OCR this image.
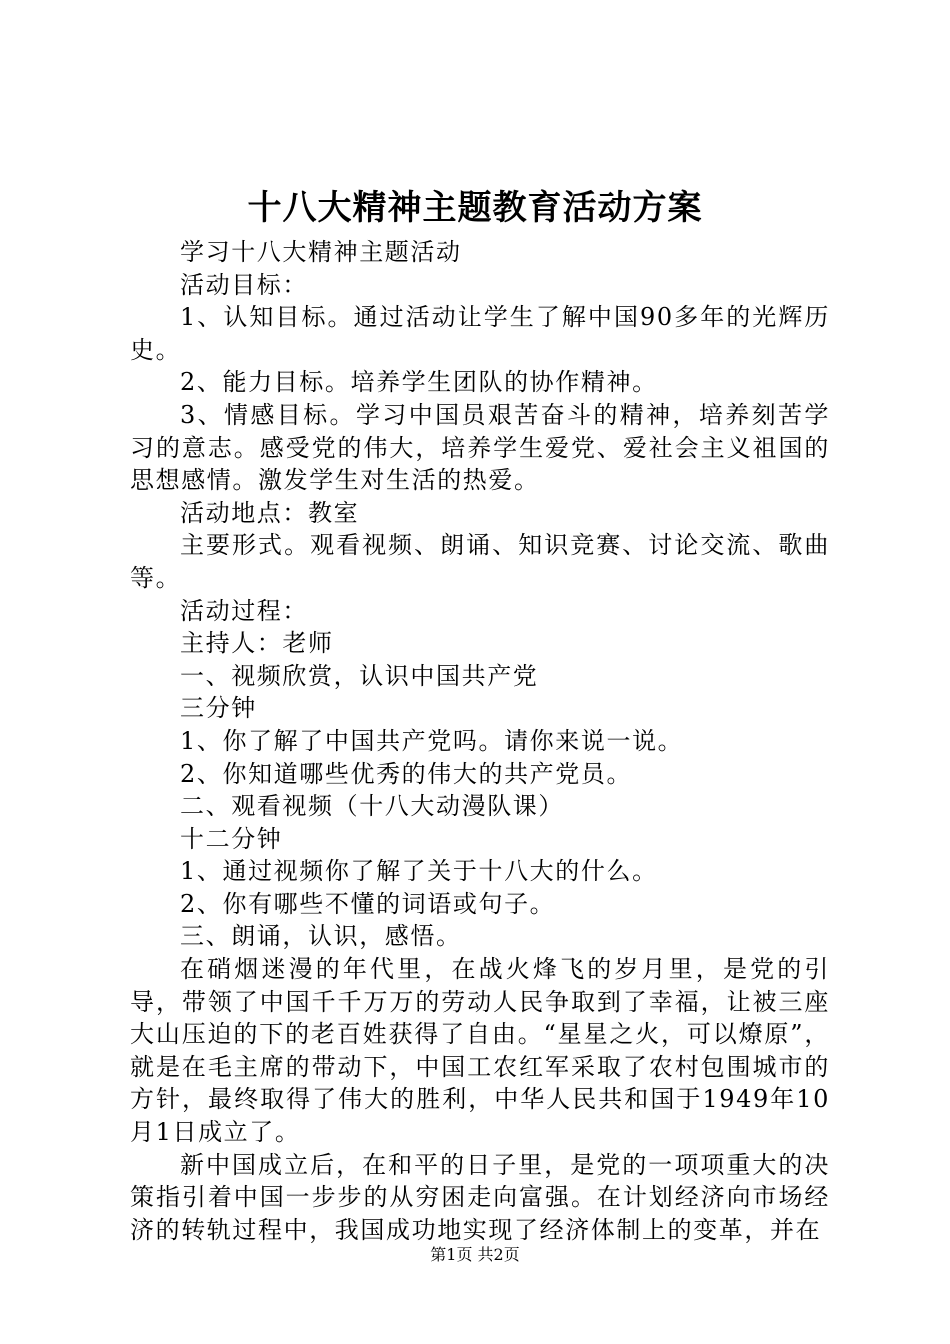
十八大精神主题教育活动方案

学习十八大精神主题活动

活动目标：

1、认知目标。通过活动让学生了解中国90多年的光辉历史。

2、能力目标。培养学生团队的协作精神。

3、情感目标。学习中国员艰苦奋斗的精神，培养刻苦学习的意志。感受党的伟大，培养学生爱党、爱社会主义祖国的思想感情。激发学生对生活的热爱。

活动地点：教室

主要形式。观看视频、朗诵、知识竞赛、讨论交流、歌曲等。

活动过程：

主持人：老师

一、视频欣赏，认识中国共产党

三分钟

1、你了解了中国共产党吗。请你来说一说。

2、你知道哪些优秀的伟大的共产党员。

二、观看视频（十八大动漫队课）

十二分钟

1、通过视频你了解了关于十八大的什么。

2、你有哪些不懂的词语或句子。

三、朗诵，认识，感悟。

在硝烟迷漫的年代里，在战火烽飞的岁月里，是党的引导，带领了中国千千万万的劳动人民争取到了幸福，让被三座大山压迫的下的老百姓获得了自由。“星星之火，可以燎原”，就是在毛主席的带动下，中国工农红军采取了农村包围城市的方针，最终取得了伟大的胜利，中华人民共和国于1949年10月1日成立了。

新中国成立后，在和平的日子里，是党的一项项重大的决策指引着中国一步步的从穷困走向富强。在计划经济向市场经济的转轨过程中，我国成功地实现了经济体制上的变革，并在

第1页 共2页
